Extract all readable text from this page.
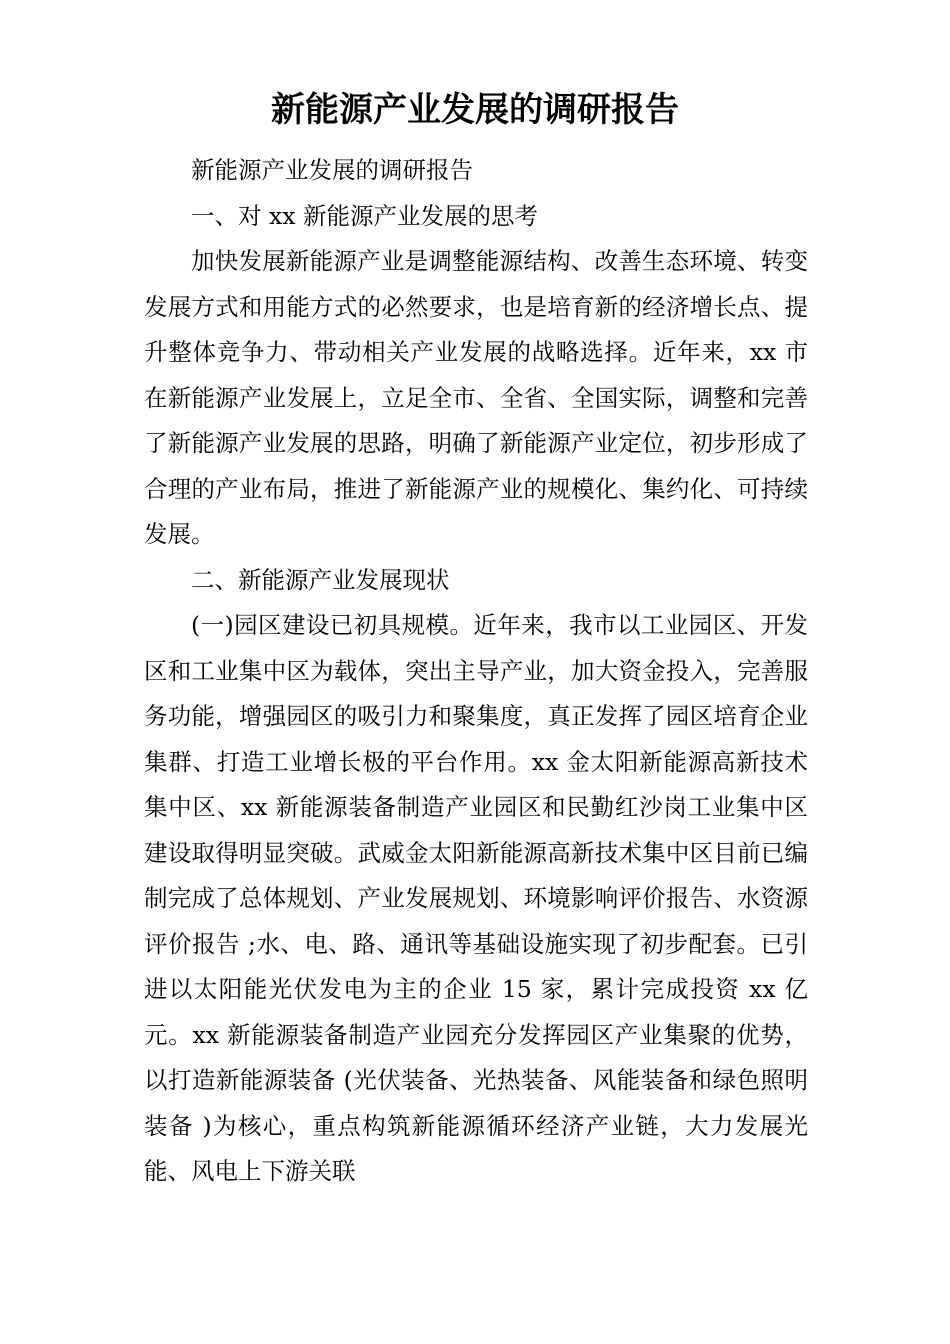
新能源产业发展的调研报告

新能源产业发展的调研报告

一、对 xx 新能源产业发展的思考

加快发展新能源产业是调整能源结构、改善生态环境、转变发展方式和用能方式的必然要求，也是培育新的经济增长点、提升整体竞争力、带动相关产业发展的战略选择。近年来，xx 市在新能源产业发展上，立足全市、全省、全国实际，调整和完善了新能源产业发展的思路，明确了新能源产业定位，初步形成了合理的产业布局，推进了新能源产业的规模化、集约化、可持续发展。

二、新能源产业发展现状

(一)园区建设已初具规模。近年来，我市以工业园区、开发区和工业集中区为载体，突出主导产业，加大资金投入，完善服务功能，增强园区的吸引力和聚集度，真正发挥了园区培育企业集群、打造工业增长极的平台作用。xx 金太阳新能源高新技术集中区、xx 新能源装备制造产业园区和民勤红沙岗工业集中区建设取得明显突破。武威金太阳新能源高新技术集中区目前已编制完成了总体规划、产业发展规划、环境影响评价报告、水资源评价报告 ;水、电、路、通讯等基础设施实现了初步配套。已引进以太阳能光伏发电为主的企业 15 家，累计完成投资 xx 亿元。xx 新能源装备制造产业园充分发挥园区产业集聚的优势，以打造新能源装备 (光伏装备、光热装备、风能装备和绿色照明装备 )为核心，重点构筑新能源循环经济产业链，大力发展光能、风电上下游关联
